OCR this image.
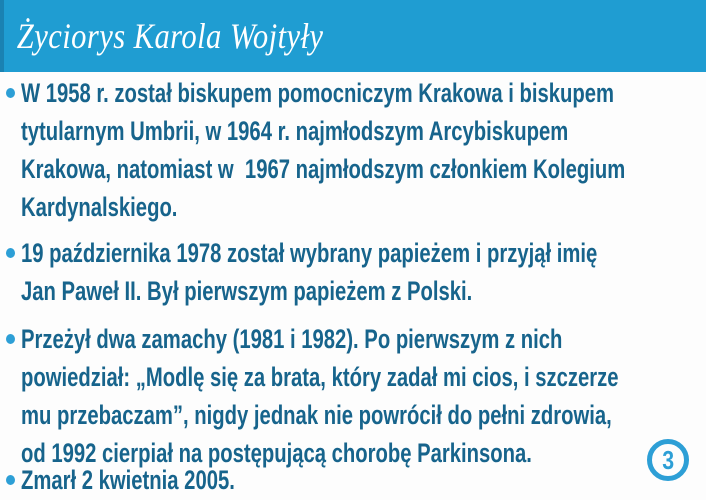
Życiorys Karola Wojtyły
W 1958 r. został biskupem pomocniczym Krakowa i biskupem
tytularnym Umbrii, w 1964 r. najmłodszym Arcybiskupem
Krakowa, natomiast w  1967 najmłodszym członkiem Kolegium
Kardynalskiego.
19 października 1978 został wybrany papieżem i przyjął imię
Jan Paweł II. Był pierwszym papieżem z Polski.
Przeżył dwa zamachy (1981 i 1982). Po pierwszym z nich
powiedział: „Modlę się za brata, który zadał mi cios, i szczerze
mu przebaczam”, nigdy jednak nie powrócił do pełni zdrowia,
od 1992 cierpiał na postępującą chorobę Parkinsona.
Zmarł 2 kwietnia 2005.
3
